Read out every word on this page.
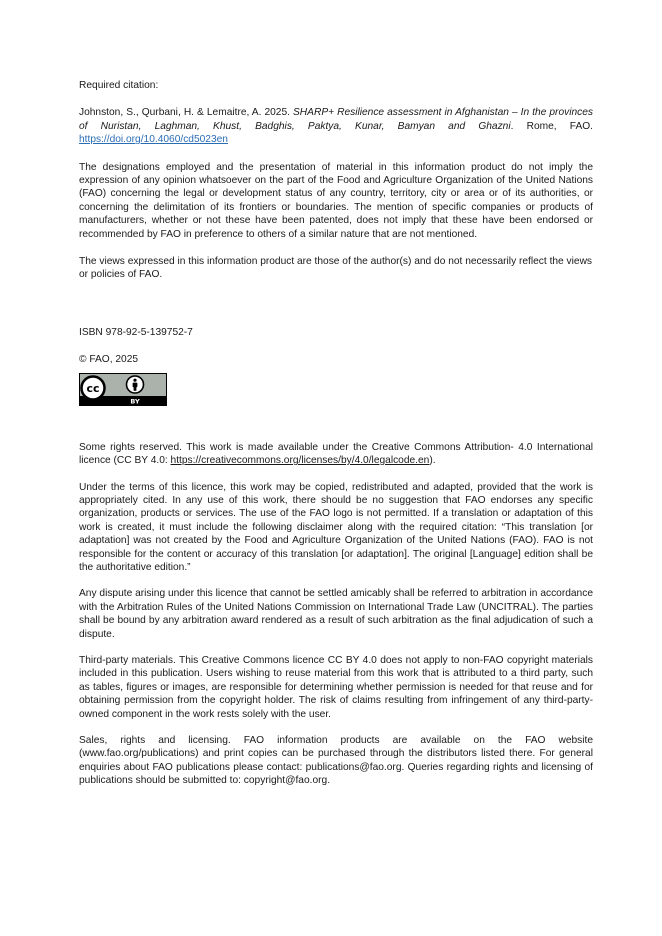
Required citation:

Johnston, S., Qurbani, H. & Lemaitre, A. 2025. SHARP+ Resilience assessment in Afghanistan – In the provinces of Nuristan, Laghman, Khust, Badghis, Paktya, Kunar, Bamyan and Ghazni. Rome, FAO. https://doi.org/10.4060/cd5023en

The designations employed and the presentation of material in this information product do not imply the expression of any opinion whatsoever on the part of the Food and Agriculture Organization of the United Nations (FAO) concerning the legal or development status of any country, territory, city or area or of its authorities, or concerning the delimitation of its frontiers or boundaries. The mention of specific companies or products of manufacturers, whether or not these have been patented, does not imply that these have been endorsed or recommended by FAO in preference to others of a similar nature that are not mentioned.

The views expressed in this information product are those of the author(s) and do not necessarily reflect the views or policies of FAO.

ISBN 978-92-5-139752-7

© FAO, 2025

cc
BY

Some rights reserved. This work is made available under the Creative Commons Attribution- 4.0 International licence (CC BY 4.0: https://creativecommons.org/licenses/by/4.0/legalcode.en).

Under the terms of this licence, this work may be copied, redistributed and adapted, provided that the work is appropriately cited. In any use of this work, there should be no suggestion that FAO endorses any specific organization, products or services. The use of the FAO logo is not permitted. If a translation or adaptation of this work is created, it must include the following disclaimer along with the required citation: “This translation [or adaptation] was not created by the Food and Agriculture Organization of the United Nations (FAO). FAO is not responsible for the content or accuracy of this translation [or adaptation]. The original [Language] edition shall be the authoritative edition.”

Any dispute arising under this licence that cannot be settled amicably shall be referred to arbitration in accordance with the Arbitration Rules of the United Nations Commission on International Trade Law (UNCITRAL). The parties shall be bound by any arbitration award rendered as a result of such arbitration as the final adjudication of such a dispute.

Third-party materials. This Creative Commons licence CC BY 4.0 does not apply to non-FAO copyright materials included in this publication. Users wishing to reuse material from this work that is attributed to a third party, such as tables, figures or images, are responsible for determining whether permission is needed for that reuse and for obtaining permission from the copyright holder. The risk of claims resulting from infringement of any third-party-owned component in the work rests solely with the user.

Sales, rights and licensing. FAO information products are available on the FAO website (www.fao.org/publications) and print copies can be purchased through the distributors listed there. For general enquiries about FAO publications please contact: publications@fao.org. Queries regarding rights and licensing of publications should be submitted to: copyright@fao.org.
